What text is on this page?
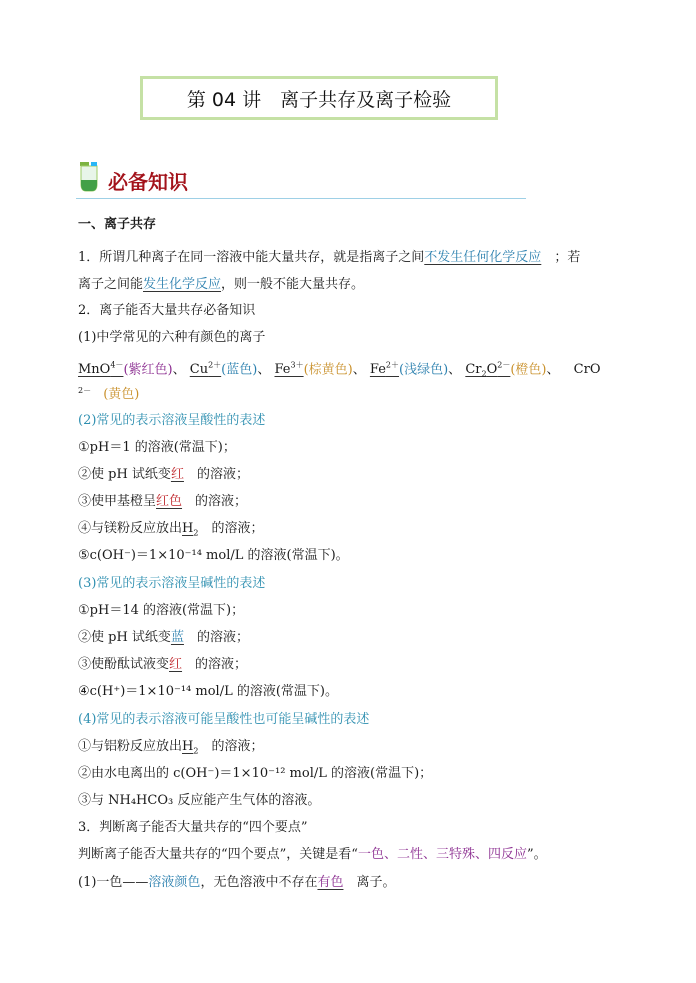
第 04 讲　离子共存及离子检验
必备知识
一、离子共存
1．所谓几种离子在同一溶液中能大量共存，就是指离子之间不发生任何化学反应　 ；若
离子之间能发生化学反应，则一般不能大量共存。
2．离子能否大量共存必备知识
(1)中学常见的六种有颜色的离子
MnO$^{4-}$(紫红色)、 $Cu^{2+}$(蓝色)、 $Fe^{3+}$(棕黄色)、 $Fe^{2+}$(浅绿色)、 $Cr_2O^{2-}$(橙色)、 CrO
$^{2-}$ (黄色)
(2)常见的表示溶液呈酸性的表述
①pH＝1 的溶液(常温下)；
②使 pH 试纸变红　 的溶液；
③使甲基橙呈红色　 的溶液；
④与镁粉反应放出$H_2$　 的溶液；
⑤c(OH⁻)＝1×10⁻¹⁴ mol/L 的溶液(常温下)。
(3)常见的表示溶液呈碱性的表述
①pH＝14 的溶液(常温下)；
②使 pH 试纸变蓝　 的溶液；
③使酚酞试液变红　 的溶液；
④c(H⁺)＝1×10⁻¹⁴ mol/L 的溶液(常温下)。
(4)常见的表示溶液可能呈酸性也可能呈碱性的表述
①与铝粉反应放出$H_2$　 的溶液；
②由水电离出的 c(OH⁻)＝1×10⁻¹² mol/L 的溶液(常温下)；
③与 NH₄HCO₃ 反应能产生气体的溶液。
3．判断离子能否大量共存的“四个要点”
判断离子能否大量共存的“四个要点”，关键是看“一色、二性、三特殊、四反应”。
(1)一色——溶液颜色，无色溶液中不存在有色　 离子。
